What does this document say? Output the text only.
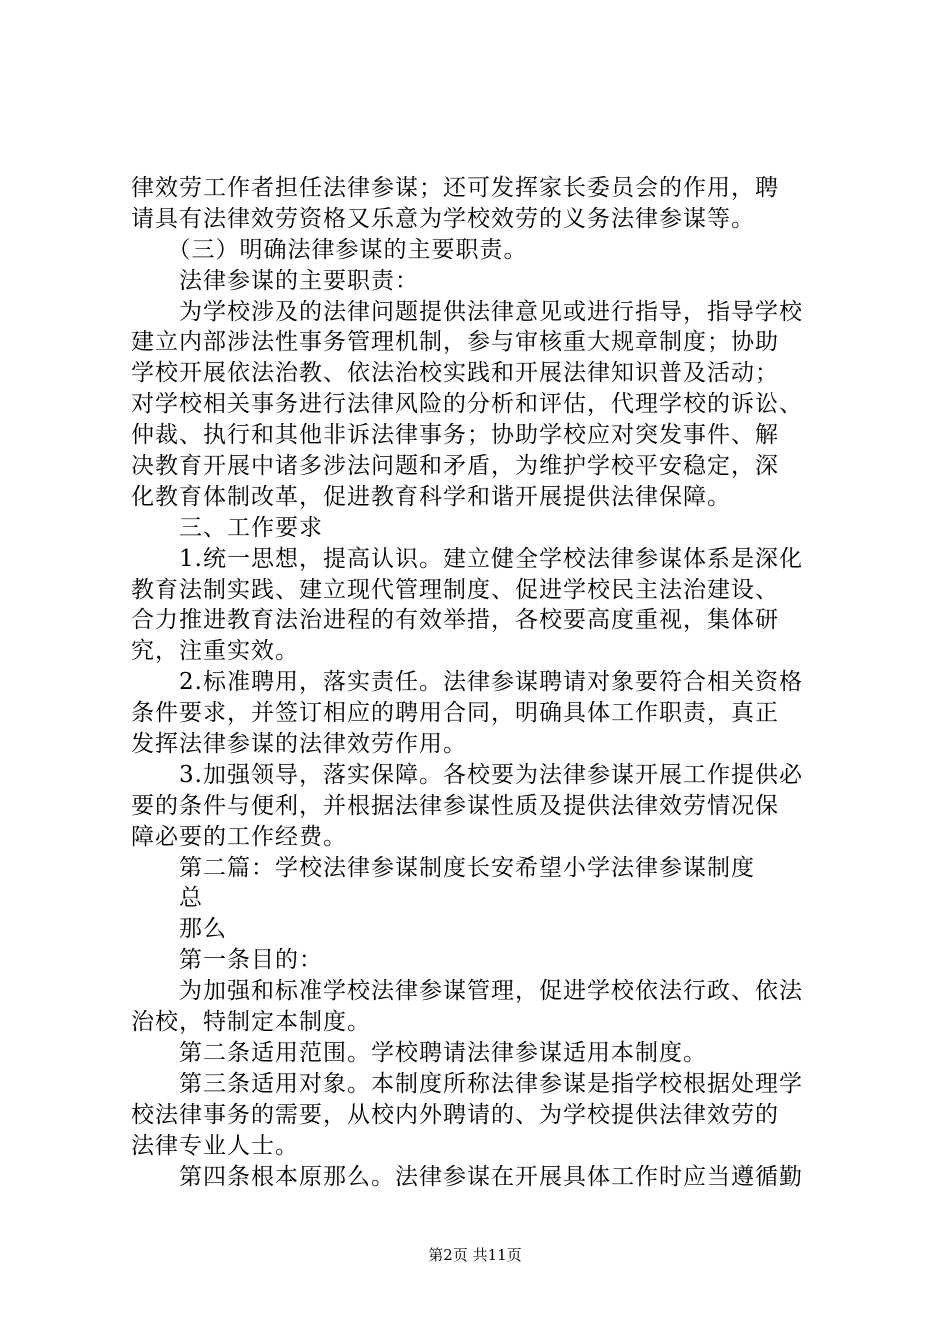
律效劳工作者担任法律参谋；还可发挥家长委员会的作用，聘
请具有法律效劳资格又乐意为学校效劳的义务法律参谋等。
　　（三）明确法律参谋的主要职责。
　　法律参谋的主要职责：
　　为学校涉及的法律问题提供法律意见或进行指导，指导学校
建立内部涉法性事务管理机制，参与审核重大规章制度；协助
学校开展依法治教、依法治校实践和开展法律知识普及活动；
对学校相关事务进行法律风险的分析和评估，代理学校的诉讼、
仲裁、执行和其他非诉法律事务；协助学校应对突发事件、解
决教育开展中诸多涉法问题和矛盾，为维护学校平安稳定，深
化教育体制改革，促进教育科学和谐开展提供法律保障。
　　三、工作要求
　　1.统一思想，提高认识。建立健全学校法律参谋体系是深化
教育法制实践、建立现代管理制度、促进学校民主法治建设、
合力推进教育法治进程的有效举措，各校要高度重视，集体研
究，注重实效。
　　2.标准聘用，落实责任。法律参谋聘请对象要符合相关资格
条件要求，并签订相应的聘用合同，明确具体工作职责，真正
发挥法律参谋的法律效劳作用。
　　3.加强领导，落实保障。各校要为法律参谋开展工作提供必
要的条件与便利，并根据法律参谋性质及提供法律效劳情况保
障必要的工作经费。
　　第二篇：学校法律参谋制度长安希望小学法律参谋制度
　　总
　　那么
　　第一条目的：
　　为加强和标准学校法律参谋管理，促进学校依法行政、依法
治校，特制定本制度。
　　第二条适用范围。学校聘请法律参谋适用本制度。
　　第三条适用对象。本制度所称法律参谋是指学校根据处理学
校法律事务的需要，从校内外聘请的、为学校提供法律效劳的
法律专业人士。
　　第四条根本原那么。法律参谋在开展具体工作时应当遵循勤
第2页 共11页
